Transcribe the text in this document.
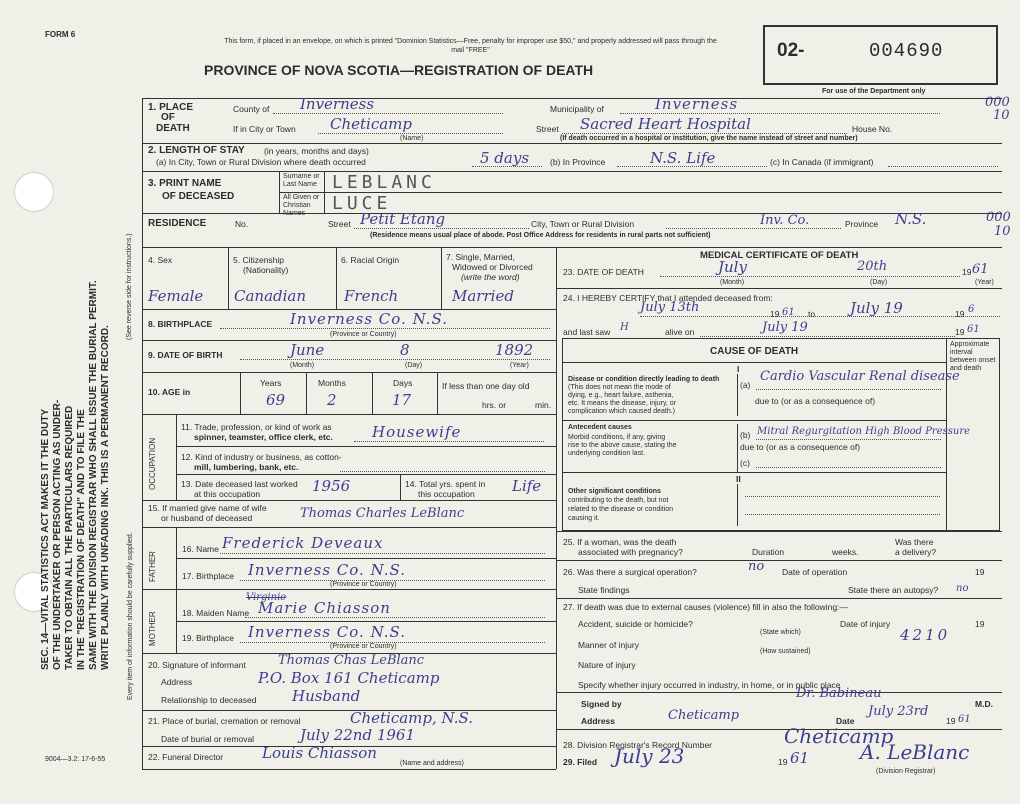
FORM 6
SEC. 14—VITAL STATISTICS ACT MAKES IT THE DUTY OF THE UNDERTAKER OR PERSON ACTING AS UNDER- TAKER TO OBTAIN ALL THE PARTICULARS REQUIRED IN THE "REGISTRATION OF DEATH" AND TO FILE THE SAME WITH THE DIVISION REGISTRAR WHO SHALL ISSUE THE BURIAL PERMIT. WRITE PLAINLY WITH UNFADING INK. THIS IS A PERMANENT RECORD.
(See reverse side for instructions.)
Every item of information should be carefully supplied.
9004—3.2: 17-6-55
This form, if placed in an envelope, on which is printed "Dominion Statistics—Free, penalty for improper use $50," and properly addressed will pass through the mail "FREE"
PROVINCE OF NOVA SCOTIA—REGISTRATION OF DEATH
02-	004690
For use of the Department only
000
10
000
10
1. PLACE
OF
DEATH
County of Inverness	Municipality of	Inverness
If in City or Town Cheticamp
(Name)
Street Sacred Heart Hospital	House No.
(If death occurred in a hospital or institution, give the name instead of street and number)
2. LENGTH OF STAY (in years, months and days)
(a) In City, Town or Rural Division where death occurred	5 days (b) In Province	N.S. Life	(c) In Canada (if immigrant)
3. PRINT NAME
OF DECEASED
Surname or Last Name
All Given or Christian Names
LEBLANC
LUCE
RESIDENCE	No.	Street Petit Etang	City, Town or Rural Division	Inv. Co.	Province N.S.
(Residence means usual place of abode. Post Office Address for residents in rural parts not sufficient)
4. Sex	5. Citizenship
(Nationality)
6. Racial Origin	7. Single, Married,
Widowed or Divorced
(write the word)
Female Canadian	French	Married
8. BIRTHPLACE	Inverness Co. N.S.
(Province or Country)
9. DATE OF BIRTH	June	8	1892
(Month)	(Day)	(Year)
10. AGE in
Years	Months	Days	If less than one day old
hrs. or	min.
69	2	17
OCCUPATION
11. Trade, profession, or kind of work as
spinner, teamster, office clerk, etc.	Housewife
12. Kind of industry or business, as cotton-
mill, lumbering, bank, etc.
13. Date deceased last worked
at this occupation	1956	14. Total yrs. spent in
this occupation Life
15. If married give name of wife
or husband of deceased	Thomas Charles LeBlanc
FATHER
16. Name Frederick Deveaux
17. Birthplace Inverness Co. N.S.
(Province or Country)
MOTHER	18. Maiden Name
Virginie
Marie Chiasson
19. Birthplace Inverness Co. N.S.
(Province or Country)
20. Signature of informant Thomas Chas LeBlanc
Address	P.O. Box 161 Cheticamp
Relationship to deceased Husband
21. Place of burial, cremation or removal	Cheticamp, N.S.
Date of burial or removal	July 22nd 1961
22. Funeral Director	Louis Chiasson
(Name and address)
MEDICAL CERTIFICATE OF DEATH
23. DATE OF DEATH	July	20th	19 61
(Month)	(Day)	(Year)
24. I HEREBY CERTIFY that I attended deceased from:
July 13th	19 61 to July 19	19 6
and last saw H	alive on	July 19	19 61
CAUSE OF DEATH
Approximate interval between onset and death
I
Disease or condition directly leading to death
(This does not mean the mode of
dying, e.g., heart failure, asthenia,
etc. It means the disease, injury, or
complication which caused death.)
(a)
Cardio Vascular Renal disease
due to (or as a consequence of)
Antecedent causes
Morbid conditions, if any, giving
rise to the above cause, stating the
underlying condition last.
(b) Mitral Regurgitation High Blood Pressure
due to (or as a consequence of)
(c)
II
Other significant conditions
contributing to the death, but not
related to the disease or condition
causing it.
25. If a woman, was the death
associated with pregnancy?	Duration	weeks.
Was there
a delivery?
26. Was there a surgical operation?	no Date of operation	19
State findings	State there an autopsy? no
27. If death was due to external causes (violence) fill in also the following:—
Accident, suicide or homicide?
(State which)
Date of injury	19
4210
Manner of injury
(How sustained)
Nature of injury
Specify whether injury occurred in industry, in home, or in public place
Signed by
Dr. Babineau
M.D.
Address	Cheticamp	Date
July 23rd
19 61
28. Division Registrar's Record Number	Cheticamp
29. Filed July 23	19 61	A. LeBlanc
(Division Registrar)
